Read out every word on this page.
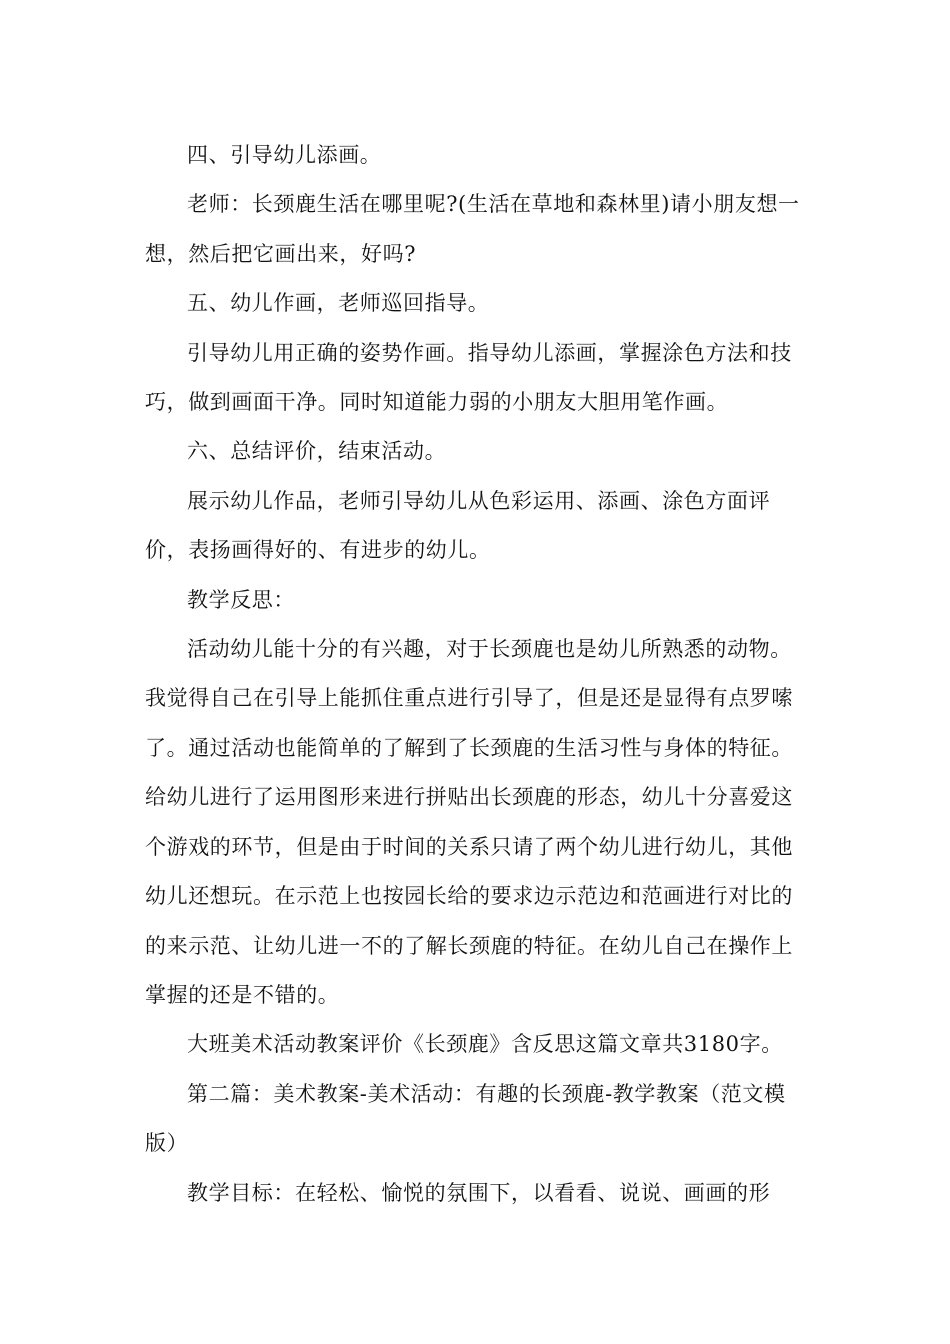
四、引导幼儿添画。

老师：长颈鹿生活在哪里呢?(生活在草地和森林里)请小朋友想一想，然后把它画出来，好吗?

五、幼儿作画，老师巡回指导。

引导幼儿用正确的姿势作画。指导幼儿添画，掌握涂色方法和技巧，做到画面干净。同时知道能力弱的小朋友大胆用笔作画。

六、总结评价，结束活动。

展示幼儿作品，老师引导幼儿从色彩运用、添画、涂色方面评价，表扬画得好的、有进步的幼儿。

教学反思：

活动幼儿能十分的有兴趣，对于长颈鹿也是幼儿所熟悉的动物。我觉得自己在引导上能抓住重点进行引导了，但是还是显得有点罗嗦了。通过活动也能简单的了解到了长颈鹿的生活习性与身体的特征。给幼儿进行了运用图形来进行拼贴出长颈鹿的形态，幼儿十分喜爱这个游戏的环节，但是由于时间的关系只请了两个幼儿进行幼儿，其他幼儿还想玩。在示范上也按园长给的要求边示范边和范画进行对比的的来示范、让幼儿进一不的了解长颈鹿的特征。在幼儿自己在操作上掌握的还是不错的。

大班美术活动教案评价《长颈鹿》含反思这篇文章共3180字。

第二篇：美术教案-美术活动：有趣的长颈鹿-教学教案（范文模版）

教学目标：在轻松、愉悦的氛围下，以看看、说说、画画的形
